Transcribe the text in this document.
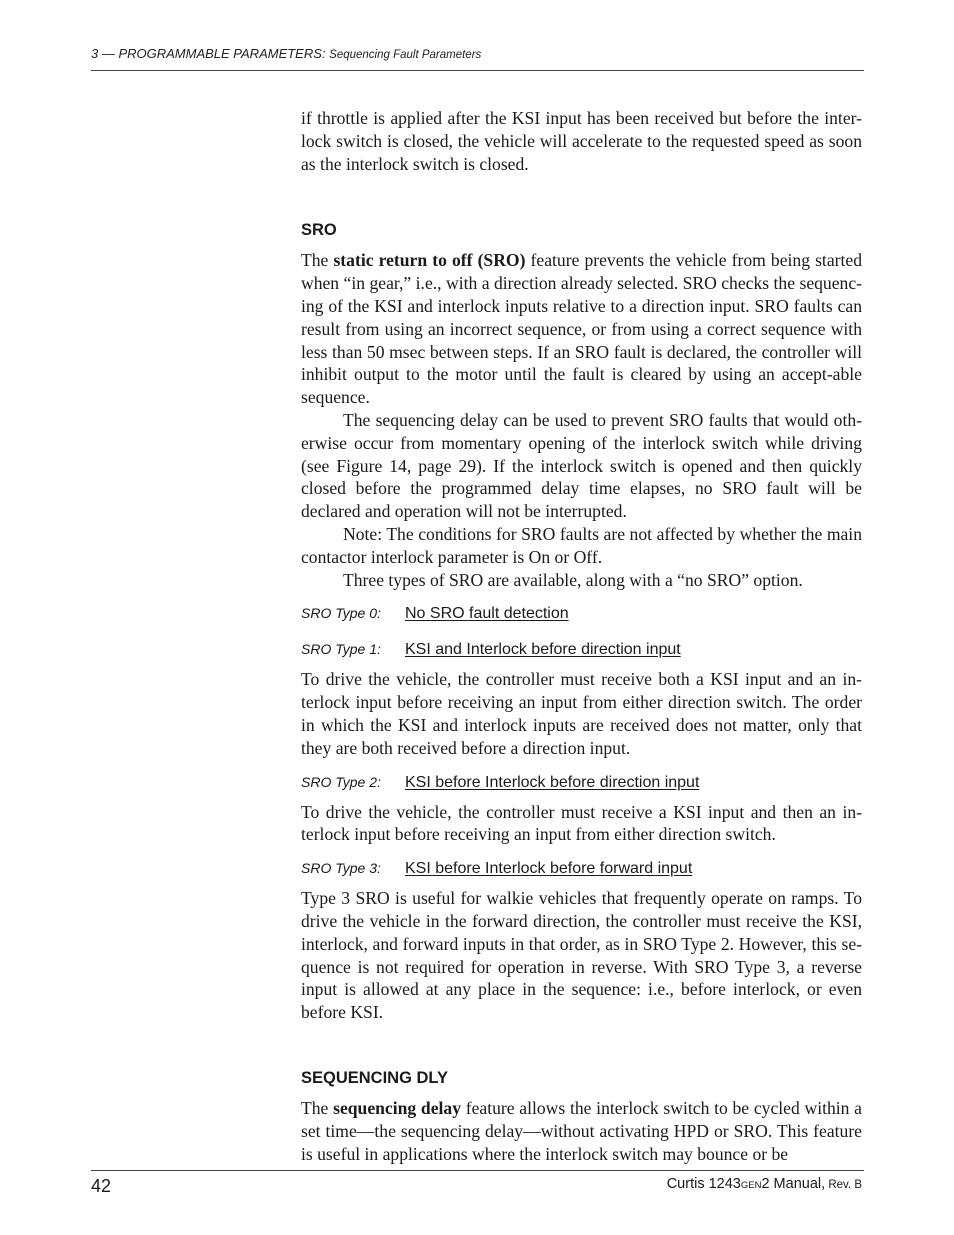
3 — PROGRAMMABLE PARAMETERS: Sequencing Fault Parameters

if throttle is applied after the KSI input has been received but before the inter-lock switch is closed, the vehicle will accelerate to the requested speed as soon as the interlock switch is closed.

SRO

The static return to off (SRO) feature prevents the vehicle from being started when “in gear,” i.e., with a direction already selected. SRO checks the sequenc-ing of the KSI and interlock inputs relative to a direction input. SRO faults can result from using an incorrect sequence, or from using a correct sequence with less than 50 msec between steps. If an SRO fault is declared, the controller will inhibit output to the motor until the fault is cleared by using an accept-able sequence.

The sequencing delay can be used to prevent SRO faults that would oth-erwise occur from momentary opening of the interlock switch while driving (see Figure 14, page 29). If the interlock switch is opened and then quickly closed before the programmed delay time elapses, no SRO fault will be declared and operation will not be interrupted.

Note: The conditions for SRO faults are not affected by whether the main contactor interlock parameter is On or Off.

Three types of SRO are available, along with a “no SRO” option.

SRO Type 0:	No SRO fault detection
SRO Type 1:	KSI and Interlock before direction input

To drive the vehicle, the controller must receive both a KSI input and an in-terlock input before receiving an input from either direction switch. The order in which the KSI and interlock inputs are received does not matter, only that they are both received before a direction input.

SRO Type 2:	KSI before Interlock before direction input

To drive the vehicle, the controller must receive a KSI input and then an in-terlock input before receiving an input from either direction switch.

SRO Type 3:	KSI before Interlock before forward input

Type 3 SRO is useful for walkie vehicles that frequently operate on ramps. To drive the vehicle in the forward direction, the controller must receive the KSI, interlock, and forward inputs in that order, as in SRO Type 2. However, this se-quence is not required for operation in reverse. With SRO Type 3, a reverse input is allowed at any place in the sequence: i.e., before interlock, or even before KSI.

SEQUENCING DLY

The sequencing delay feature allows the interlock switch to be cycled within a set time—the sequencing delay—without activating HPD or SRO. This feature is useful in applications where the interlock switch may bounce or be

42	Curtis 1243GEN2 Manual, Rev. B
